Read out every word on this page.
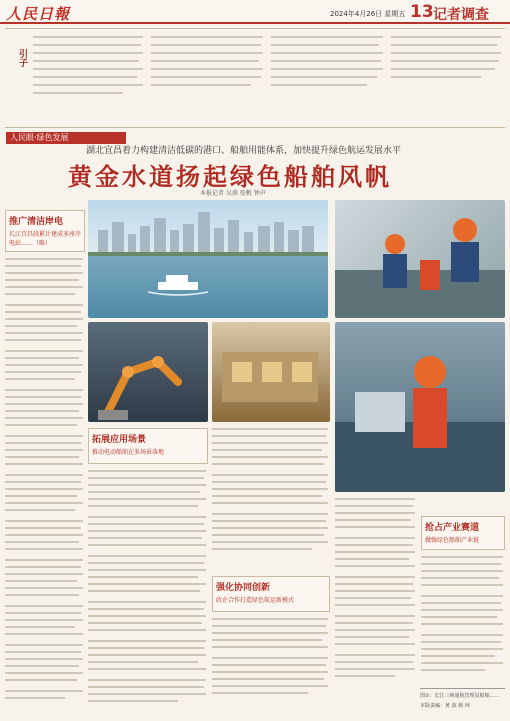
人民日報	2024年4月26日 星期五 13 记者调查
引子
人民眼·绿色发展
湖北宜昌着力构建清洁低碳的港口、船舶用能体系，加快提升绿色航运发展水平
黄金水道扬起绿色船舶风帆
本报记者 吴燕 张帆 钟声
推广清洁岸电
长江宜昌段累计建成多座岸电站……（略）
拓展应用场景
推动电动船舶在多场景落地
强化协同创新
政企合作打造绿色航运新模式
抢占产业赛道
做强绿色船舶产业链
图①：长江三峡通航管理局船舶……
本版责编：黄 波 颜 珂
